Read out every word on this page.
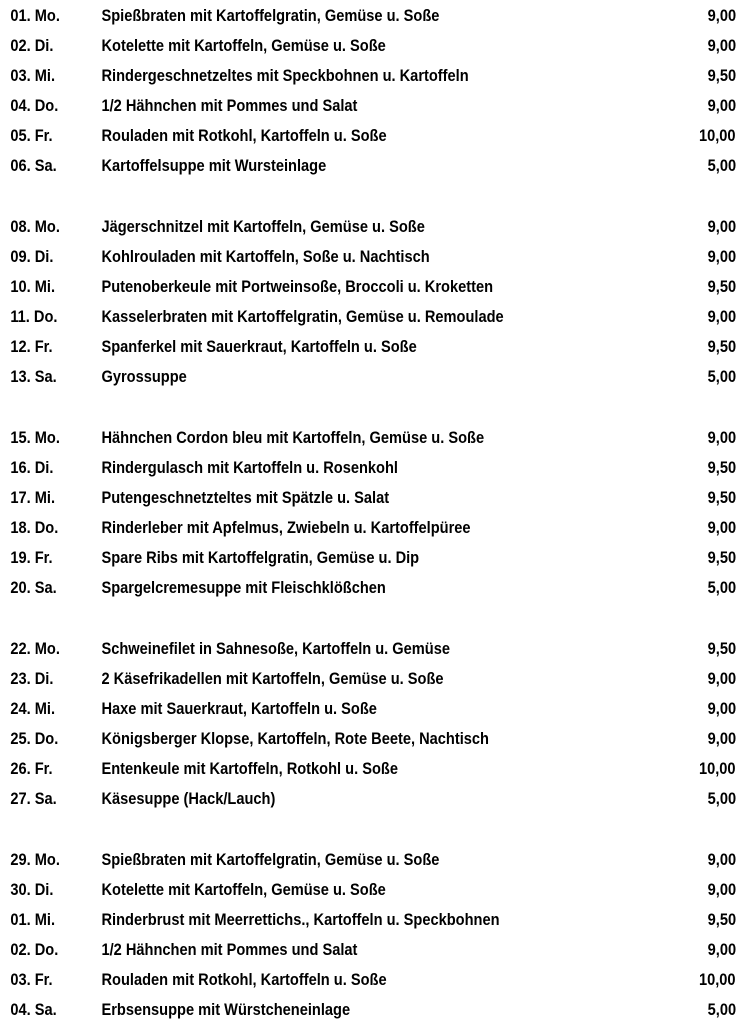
01. Mo. Spießbraten mit Kartoffelgratin, Gemüse u. Soße	9,00
02. Di.	Kotelette mit Kartoffeln, Gemüse u. Soße	9,00
03. Mi.	Rindergeschnetzeltes mit Speckbohnen u. Kartoffeln	9,50
04. Do.	1/2 Hähnchen mit Pommes und Salat	9,00
05. Fr.	Rouladen mit Rotkohl, Kartoffeln u. Soße	10,00
06. Sa.	Kartoffelsuppe mit Wursteinlage	5,00
08. Mo. Jägerschnitzel mit Kartoffeln, Gemüse u. Soße	9,00
09. Di.	Kohlrouladen mit Kartoffeln, Soße u. Nachtisch	9,00
10. Mi.	Putenoberkeule mit Portweinsoße, Broccoli u. Kroketten	9,50
11. Do.	Kasselerbraten mit Kartoffelgratin, Gemüse u. Remoulade	9,00
12. Fr.	Spanferkel mit Sauerkraut, Kartoffeln u. Soße	9,50
13. Sa.	Gyrossuppe	5,00
15. Mo. Hähnchen Cordon bleu mit Kartoffeln, Gemüse u. Soße	9,00
16. Di.	Rindergulasch mit Kartoffeln u. Rosenkohl	9,50
17. Mi.	Putengeschnetzteltes mit Spätzle u. Salat	9,50
18. Do.	Rinderleber mit Apfelmus, Zwiebeln u. Kartoffelpüree	9,00
19. Fr.	Spare Ribs mit Kartoffelgratin, Gemüse u. Dip	9,50
20. Sa.	Spargelcremesuppe mit Fleischklößchen	5,00
22. Mo. Schweinefilet in Sahnesoße, Kartoffeln u. Gemüse	9,50
23. Di.	2 Käsefrikadellen mit Kartoffeln, Gemüse u. Soße	9,00
24. Mi.	Haxe mit Sauerkraut, Kartoffeln u. Soße	9,00
25. Do.	Königsberger Klopse, Kartoffeln, Rote Beete, Nachtisch	9,00
26. Fr.	Entenkeule mit Kartoffeln, Rotkohl u. Soße	10,00
27. Sa.	Käsesuppe (Hack/Lauch)	5,00
29. Mo. Spießbraten mit Kartoffelgratin, Gemüse u. Soße	9,00
30. Di.	Kotelette mit Kartoffeln, Gemüse u. Soße	9,00
01. Mi.	Rinderbrust mit Meerrettichs., Kartoffeln u. Speckbohnen	9,50
02. Do.	1/2 Hähnchen mit Pommes und Salat	9,00
03. Fr.	Rouladen mit Rotkohl, Kartoffeln u. Soße	10,00
04. Sa.	Erbsensuppe mit Würstcheneinlage	5,00
